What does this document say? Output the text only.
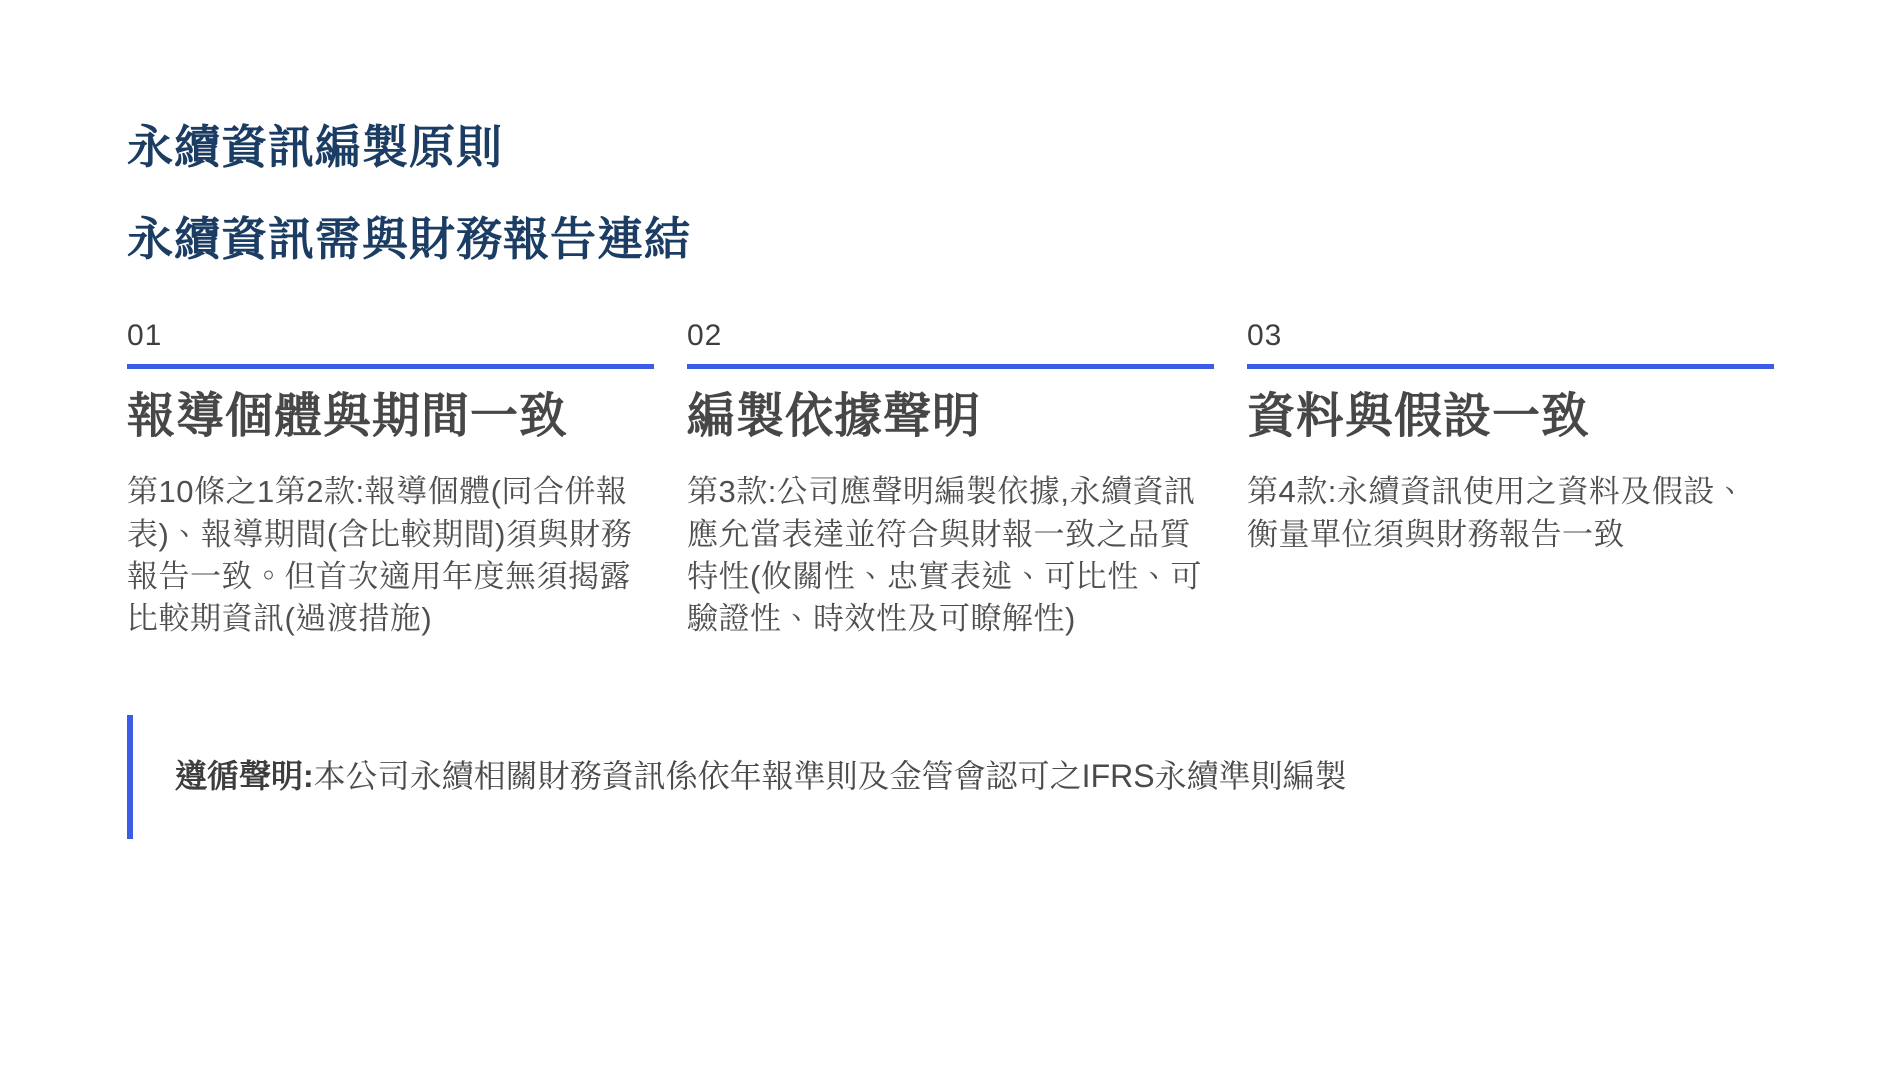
永續資訊編製原則
永續資訊需與財務報告連結
01
報導個體與期間一致
第10條之1第2款:報導個體(同合併報表)、報導期間(含比較期間)須與財務報告一致。但首次適用年度無須揭露比較期資訊(過渡措施)
02
編製依據聲明
第3款:公司應聲明編製依據,永續資訊應允當表達並符合與財報一致之品質特性(攸關性、忠實表述、可比性、可驗證性、時效性及可瞭解性)
03
資料與假設一致
第4款:永續資訊使用之資料及假設、衡量單位須與財務報告一致
遵循聲明:本公司永續相關財務資訊係依年報準則及金管會認可之IFRS永續準則編製
